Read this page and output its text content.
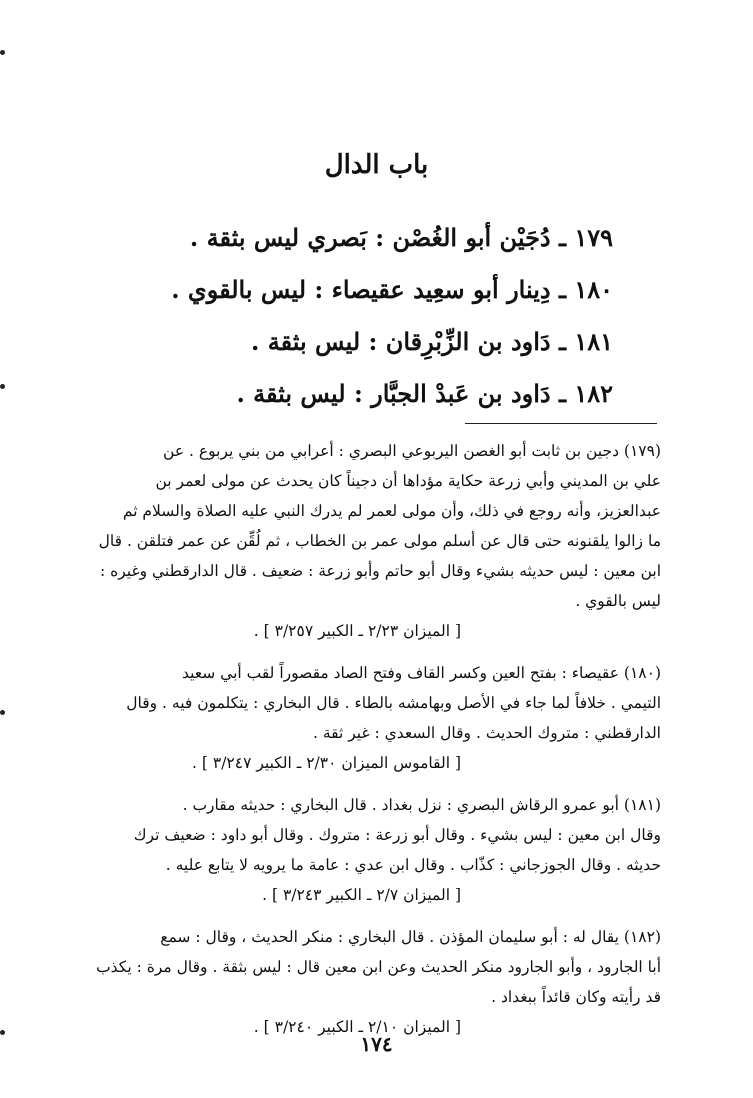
باب الدال
١٧٩ ـ دُجَيْن أبو الغُصْن : بَصري ليس بثقة .
١٨٠ ـ دِينار أبو سعِيد عقيصاء : ليس بالقوي .
١٨١ ـ دَاود بن الزِّبْرِقان : ليس بثقة .
١٨٢ ـ دَاود بن عَبدْ الجبَّار : ليس بثقة .
(١٧٩) دجين بن ثابت أبو الغصن اليربوعي البصري : أعرابي من بني يربوع . عن
علي بن المديني وأبي زرعة حكاية مؤداها أن دجيناً كان يحدث عن مولى لعمر بن
عبدالعزيز، وأنه روجع في ذلك، وأن مولى لعمر لم يدرك النبي عليه الصلاة والسلام ثم
ما زالوا يلقنونه حتى قال عن أسلم مولى عمر بن الخطاب ، ثم لُقِّن عن عمر فتلقن . قال
ابن معين : ليس حديثه بشيء وقال أبو حاتم وأبو زرعة : ضعيف . قال الدارقطني وغيره :
ليس بالقوي .
[ الميزان ٢/٢٣ ـ الكبير ٣/٢٥٧ ] .
(١٨٠) عقيصاء : بفتح العين وكسر القاف وفتح الصاد مقصوراً لقب أبي سعيد
التيمي . خلافاً لما جاء في الأصل وبهامشه بالطاء . قال البخاري : يتكلمون فيه . وقال
الدارقطني : متروك الحديث . وقال السعدي : غير ثقة .
[ القاموس الميزان ٢/٣٠ ـ الكبير ٣/٢٤٧ ] .
(١٨١) أبو عمرو الرقاش البصري : نزل بغداد . قال البخاري : حديثه مقارب .
وقال ابن معين : ليس بشيء . وقال أبو زرعة : متروك . وقال أبو داود : ضعيف ترك
حديثه . وقال الجوزجاني : كذّاب . وقال ابن عدي : عامة ما يرويه لا يتابع عليه .
[ الميزان ٢/٧ ـ الكبير ٣/٢٤٣ ] .
(١٨٢) يقال له : أبو سليمان المؤذن . قال البخاري : منكر الحديث ، وقال : سمع
أبا الجارود ، وأبو الجارود منكر الحديث وعن ابن معين قال : ليس بثقة . وقال مرة : يكذب
قد رأيته وكان قائداً ببغداد .
[ الميزان ٢/١٠ ـ الكبير ٣/٢٤٠ ] .
١٧٤
